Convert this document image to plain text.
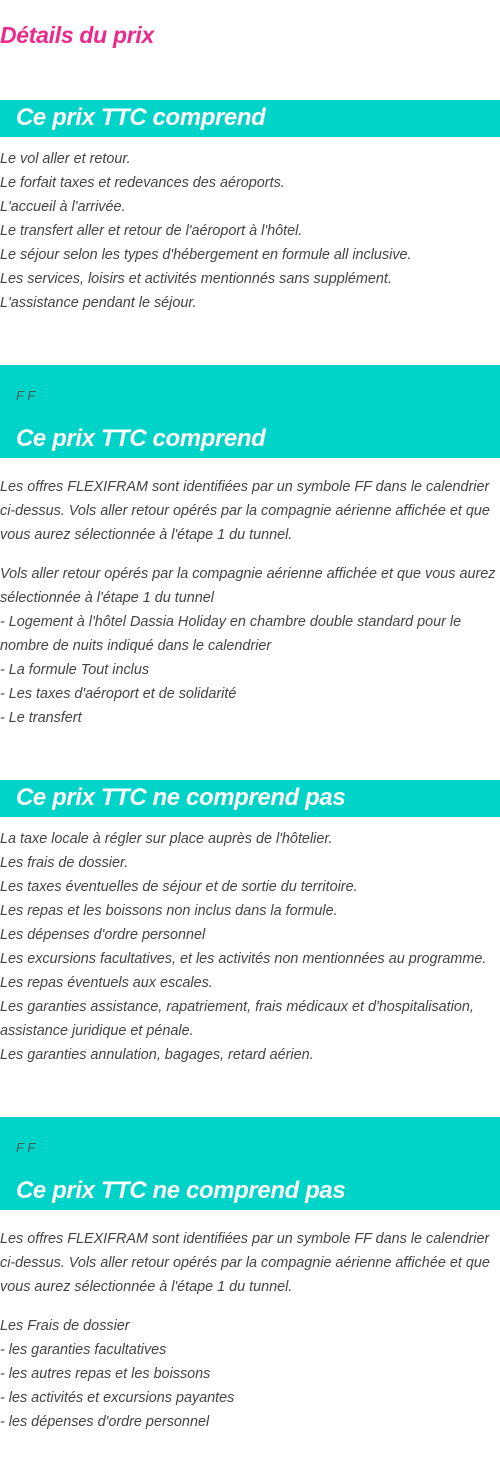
Détails du prix
Ce prix TTC comprend
Le vol aller et retour.
Le forfait taxes et redevances des aéroports.
L'accueil à l'arrivée.
Le transfert aller et retour de l'aéroport à l'hôtel.
Le séjour selon les types d'hébergement en formule all inclusive.
Les services, loisirs et activités mentionnés sans supplément.
L'assistance pendant le séjour.
F F
Ce prix TTC comprend

Les offres FLEXIFRAM sont identifiées par un symbole FF dans le calendrier ci-dessus. Vols aller retour opérés par la compagnie aérienne affichée et que vous aurez sélectionnée à l'étape 1 du tunnel.

Vols aller retour opérés par la compagnie aérienne affichée et que vous aurez sélectionnée à l'étape 1 du tunnel
- Logement à l'hôtel Dassia Holiday en chambre double standard pour le nombre de nuits indiqué dans le calendrier
- La formule Tout inclus
- Les taxes d'aéroport et de solidarité
- Le transfert
Ce prix TTC ne comprend pas
La taxe locale à régler sur place auprès de l'hôtelier.
Les frais de dossier.
Les taxes éventuelles de séjour et de sortie du territoire.
Les repas et les boissons non inclus dans la formule.
Les dépenses d'ordre personnel
Les excursions facultatives, et les activités non mentionnées au programme.
Les repas éventuels aux escales.
Les garanties assistance, rapatriement, frais médicaux et d'hospitalisation, assistance juridique et pénale.
Les garanties annulation, bagages, retard aérien.
F F
Ce prix TTC ne comprend pas

Les offres FLEXIFRAM sont identifiées par un symbole FF dans le calendrier ci-dessus. Vols aller retour opérés par la compagnie aérienne affichée et que vous aurez sélectionnée à l'étape 1 du tunnel.

Les Frais de dossier
- les garanties facultatives
- les autres repas et les boissons
- les activités et excursions payantes
- les dépenses d'ordre personnel
